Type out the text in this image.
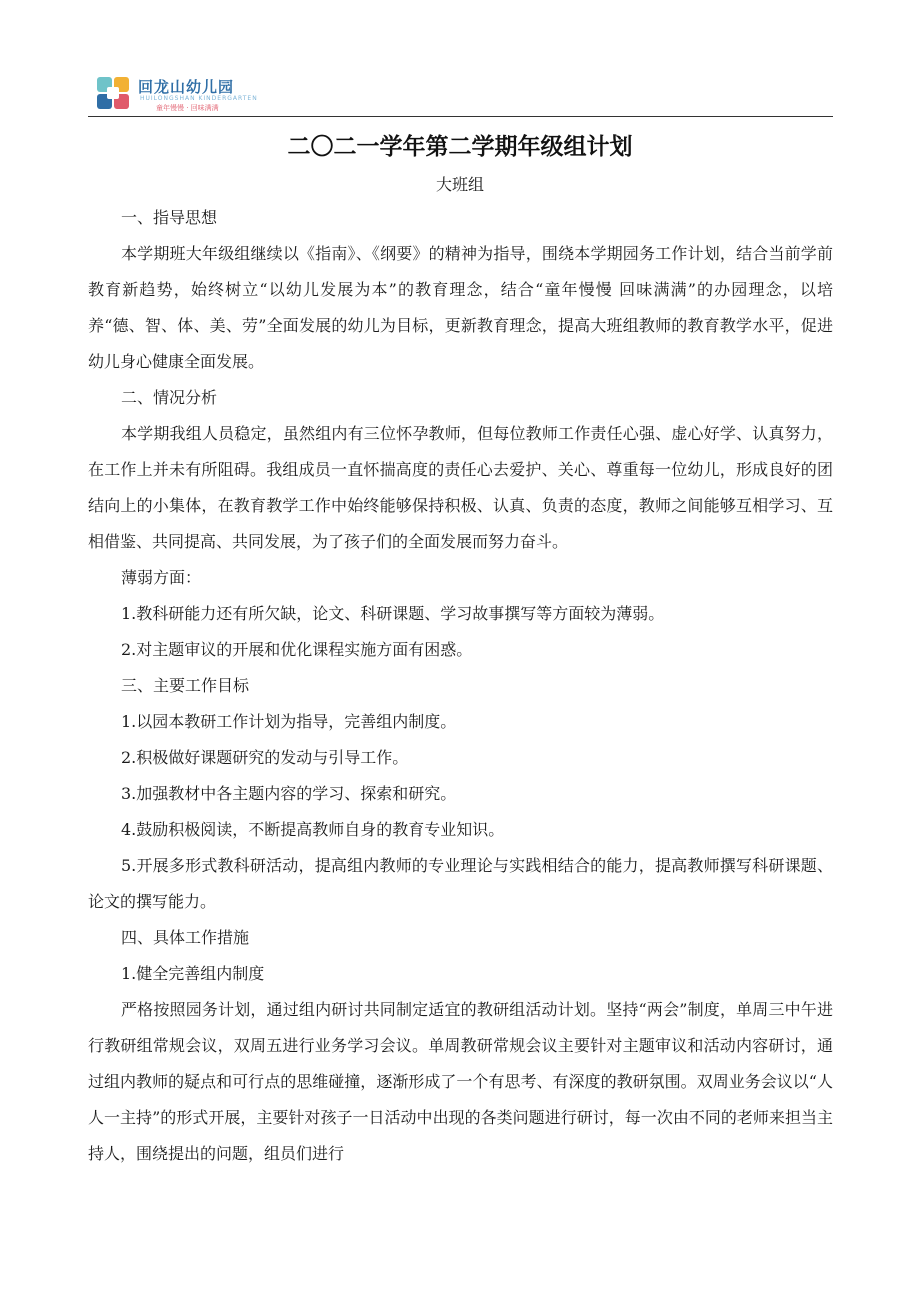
回龙山幼儿园
HUILONGSHAN KINDERGARTEN
童年慢慢 · 回味满满
二〇二一学年第二学期年级组计划
大班组

一、指导思想

本学期班大年级组继续以《指南》、《纲要》的精神为指导，围绕本学期园务工作计划，结合当前学前教育新趋势，始终树立“以幼儿发展为本”的教育理念，结合“童年慢慢 回味满满”的办园理念，以培养“德、智、体、美、劳”全面发展的幼儿为目标，更新教育理念，提高大班组教师的教育教学水平，促进幼儿身心健康全面发展。

二、情况分析

本学期我组人员稳定，虽然组内有三位怀孕教师，但每位教师工作责任心强、虚心好学、认真努力，在工作上并未有所阻碍。我组成员一直怀揣高度的责任心去爱护、关心、尊重每一位幼儿，形成良好的团结向上的小集体，在教育教学工作中始终能够保持积极、认真、负责的态度，教师之间能够互相学习、互相借鉴、共同提高、共同发展，为了孩子们的全面发展而努力奋斗。

薄弱方面：

1.教科研能力还有所欠缺，论文、科研课题、学习故事撰写等方面较为薄弱。

2.对主题审议的开展和优化课程实施方面有困惑。

三、主要工作目标

1.以园本教研工作计划为指导，完善组内制度。

2.积极做好课题研究的发动与引导工作。

3.加强教材中各主题内容的学习、探索和研究。

4.鼓励积极阅读，不断提高教师自身的教育专业知识。

5.开展多形式教科研活动，提高组内教师的专业理论与实践相结合的能力，提高教师撰写科研课题、论文的撰写能力。

四、具体工作措施

1.健全完善组内制度

严格按照园务计划，通过组内研讨共同制定适宜的教研组活动计划。坚持“两会”制度，单周三中午进行教研组常规会议，双周五进行业务学习会议。单周教研常规会议主要针对主题审议和活动内容研讨，通过组内教师的疑点和可行点的思维碰撞，逐渐形成了一个有思考、有深度的教研氛围。双周业务会议以“人人一主持”的形式开展，主要针对孩子一日活动中出现的各类问题进行研讨，每一次由不同的老师来担当主持人，围绕提出的问题，组员们进行
